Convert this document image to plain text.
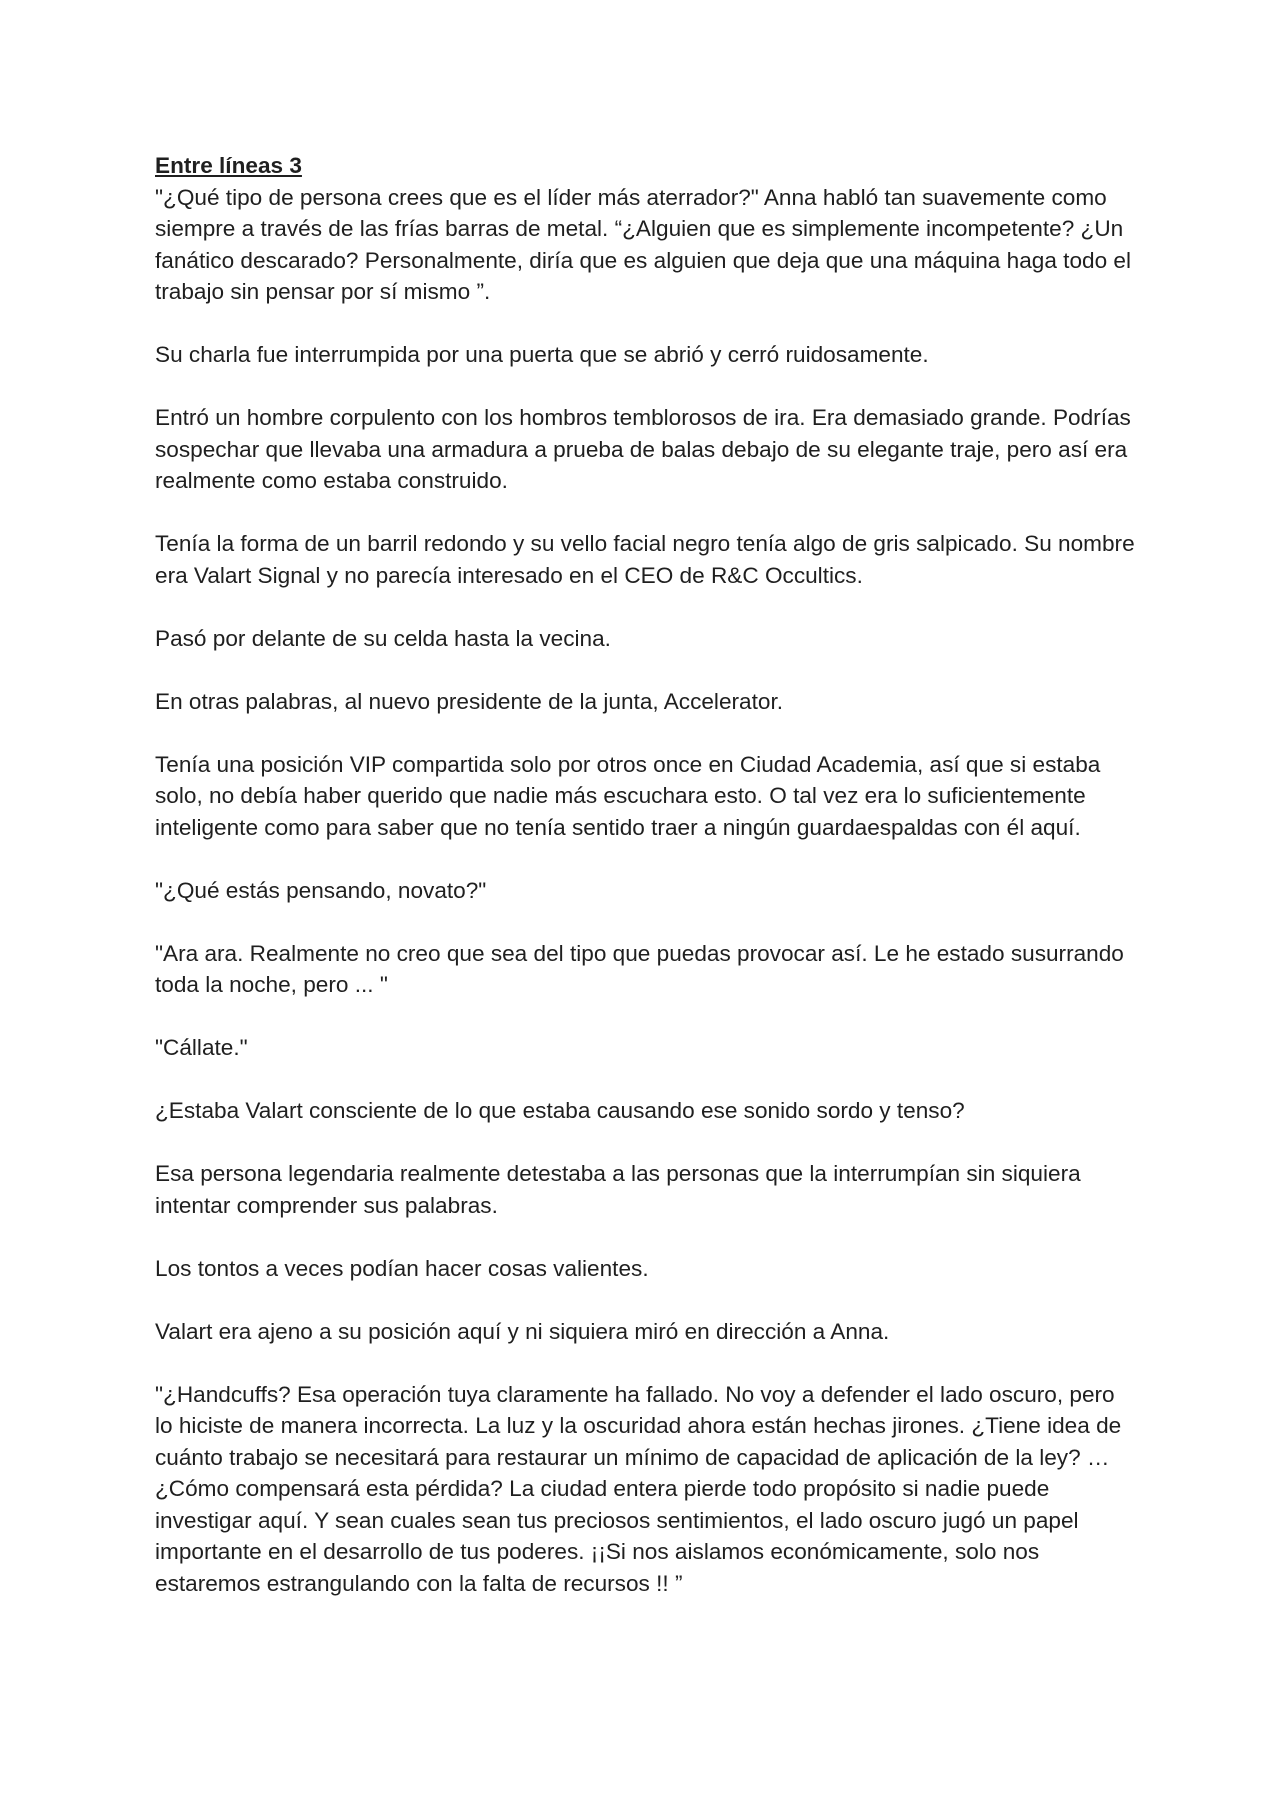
Entre líneas 3

"¿Qué tipo de persona crees que es el líder más aterrador?" Anna habló tan suavemente como siempre a través de las frías barras de metal. “¿Alguien que es simplemente incompetente? ¿Un fanático descarado? Personalmente, diría que es alguien que deja que una máquina haga todo el trabajo sin pensar por sí mismo ”.

Su charla fue interrumpida por una puerta que se abrió y cerró ruidosamente.

Entró un hombre corpulento con los hombros temblorosos de ira. Era demasiado grande. Podrías sospechar que llevaba una armadura a prueba de balas debajo de su elegante traje, pero así era realmente como estaba construido.

Tenía la forma de un barril redondo y su vello facial negro tenía algo de gris salpicado. Su nombre era Valart Signal y no parecía interesado en el CEO de R&C Occultics.

Pasó por delante de su celda hasta la vecina.

En otras palabras, al nuevo presidente de la junta, Accelerator.

Tenía una posición VIP compartida solo por otros once en Ciudad Academia, así que si estaba solo, no debía haber querido que nadie más escuchara esto. O tal vez era lo suficientemente inteligente como para saber que no tenía sentido traer a ningún guardaespaldas con él aquí.

"¿Qué estás pensando, novato?"

"Ara ara. Realmente no creo que sea del tipo que puedas provocar así. Le he estado susurrando toda la noche, pero ... "

"Cállate."

¿Estaba Valart consciente de lo que estaba causando ese sonido sordo y tenso?

Esa persona legendaria realmente detestaba a las personas que la interrumpían sin siquiera intentar comprender sus palabras.

Los tontos a veces podían hacer cosas valientes.

Valart era ajeno a su posición aquí y ni siquiera miró en dirección a Anna.

"¿Handcuffs? Esa operación tuya claramente ha fallado. No voy a defender el lado oscuro, pero lo hiciste de manera incorrecta. La luz y la oscuridad ahora están hechas jirones. ¿Tiene idea de cuánto trabajo se necesitará para restaurar un mínimo de capacidad de aplicación de la ley? … ¿Cómo compensará esta pérdida? La ciudad entera pierde todo propósito si nadie puede investigar aquí. Y sean cuales sean tus preciosos sentimientos, el lado oscuro jugó un papel importante en el desarrollo de tus poderes. ¡¡Si nos aislamos económicamente, solo nos estaremos estrangulando con la falta de recursos !! ”
